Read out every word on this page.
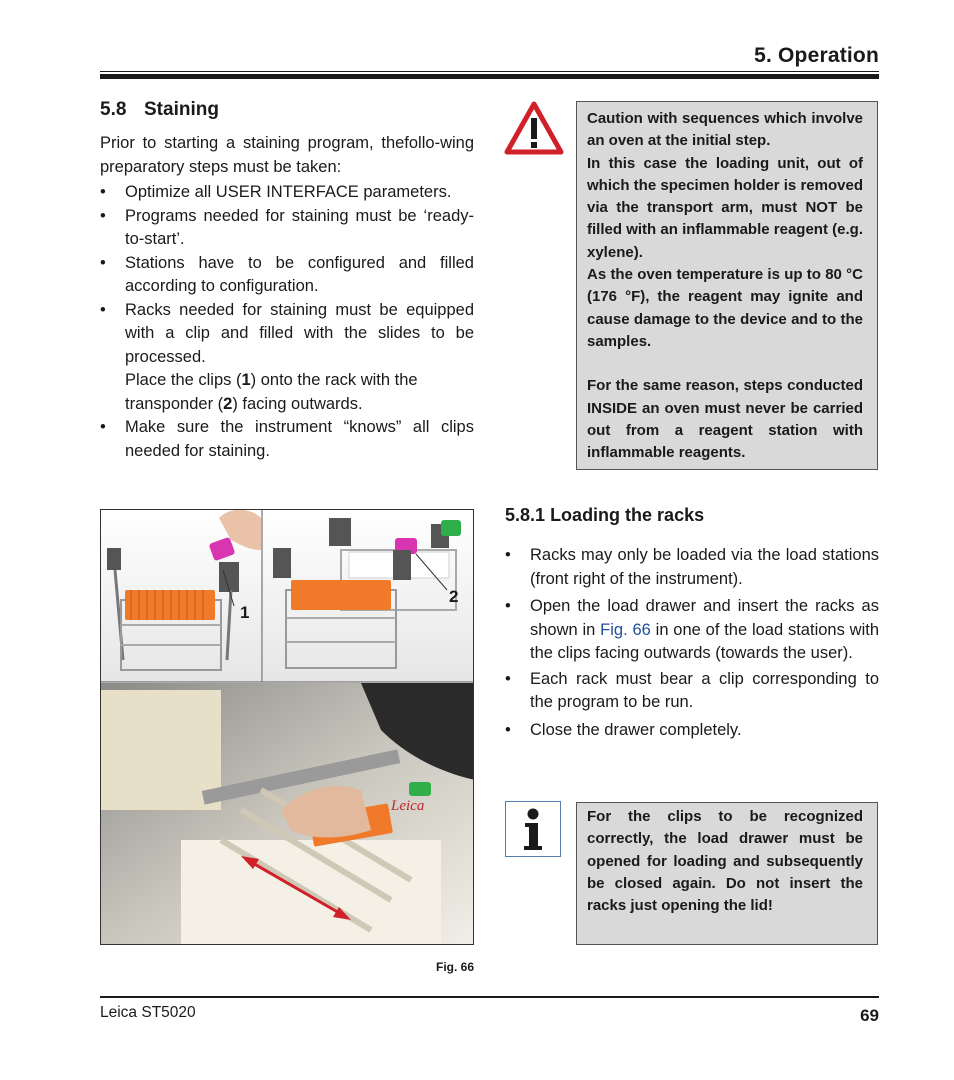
5. Operation
5.8 Staining
Prior to starting a staining program, thefollo-wing preparatory steps must be taken:
• Optimize all USER INTERFACE parameters.
• Programs needed for staining must be ‘ready-to-start’.
• Stations have to be configured and filled according to configuration.
• Racks needed for staining must be equipped with a clip and filled with the slides to be processed.

Place the clips (1) onto the rack with the transponder (2) facing outwards.
• Make sure the instrument “knows” all clips needed for staining.

Caution with sequences which involve an oven at the initial step.

In this case the loading unit, out of which the specimen holder is removed via the transport arm, must NOT be filled with an inflammable reagent (e.g. xylene).

As the oven temperature is up to 80 °C (176 °F), the reagent may ignite and cause damage to the device and to the samples.

For the same reason, steps conducted INSIDE an oven must never be carried out from a reagent station with inflammable reagents.

5.8.1 Loading the racks
• Racks may only be loaded via the load stations (front right of the instrument).
• Open the load drawer and insert the racks as shown in Fig. 66 in one of the load stations with the clips facing outwards (towards the user).
• Each rack must bear a clip corresponding to the program to be run.
• Close the drawer completely.
For the clips to be recognized correctly, the load drawer must be opened for loading and subsequently be closed again. Do not insert the racks just opening the lid!
1
2
Leica
Fig. 66
Leica ST5020	69
